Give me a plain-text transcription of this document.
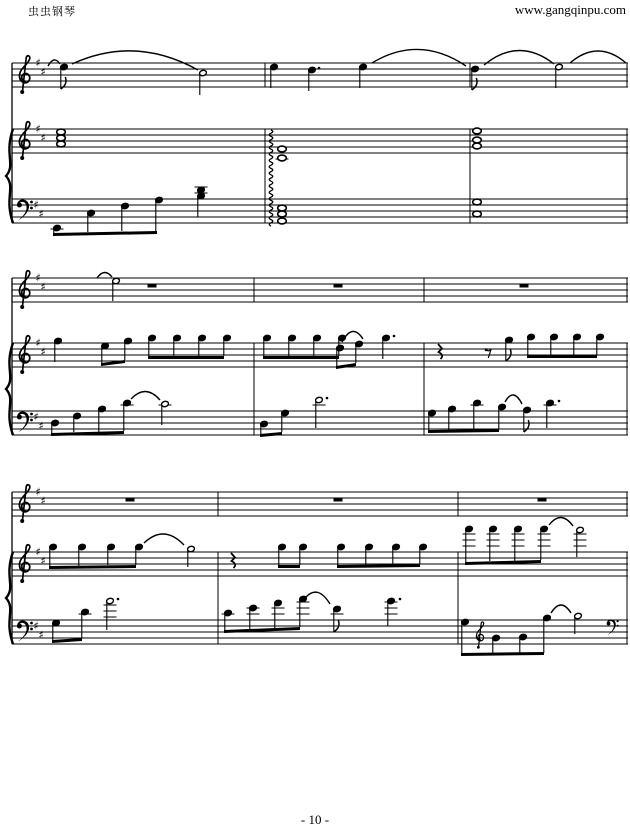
虫虫钢琴	www.gangqinpu.com
♯
♯
♯
♯
♯
♯
♯
♯
♯
♯
♯
♯
♯
♯
♯
♯
♯
♯
- 10 -
